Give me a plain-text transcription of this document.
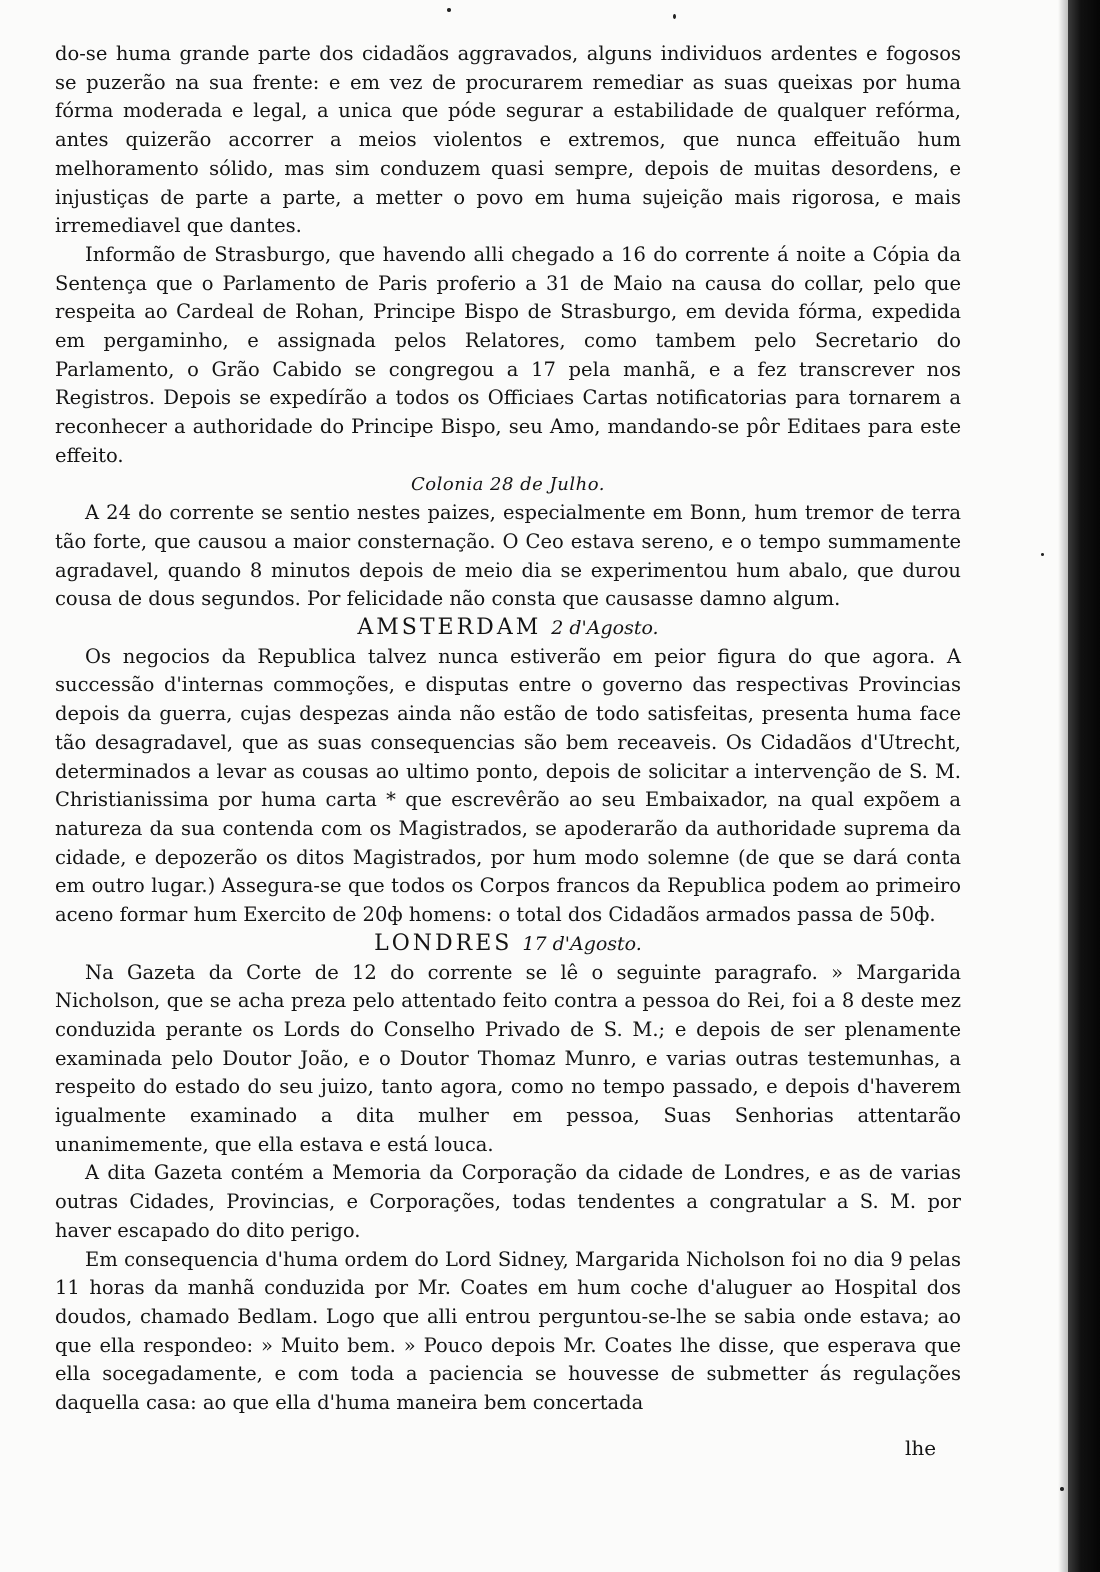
do-se huma grande parte dos cidadãos aggravados, alguns individuos ardentes e fogosos se puzerão na sua frente: e em vez de procurarem remediar as suas queixas por huma fórma moderada e legal, a unica que póde segurar a estabilidade de qualquer refórma, antes quizerão accorrer a meios violentos e extremos, que nunca effeituão hum melhoramento sólido, mas sim conduzem quasi sempre, depois de muitas desordens, e injustiças de parte a parte, a metter o povo em huma sujeição mais rigorosa, e mais irremediavel que dantes.

Informão de Strasburgo, que havendo alli chegado a 16 do corrente á noite a Cópia da Sentença que o Parlamento de Paris proferio a 31 de Maio na causa do collar, pelo que respeita ao Cardeal de Rohan, Principe Bispo de Strasburgo, em devida fórma, expedida em pergaminho, e assignada pelos Relatores, como tambem pelo Secretario do Parlamento, o Grão Cabido se congregou a 17 pela manhã, e a fez transcrever nos Registros. Depois se expedírão a todos os Officiaes Cartas notificatorias para tornarem a reconhecer a authoridade do Principe Bispo, seu Amo, mandando-se pôr Editaes para este effeito.

Colonia 28 de Julho.

A 24 do corrente se sentio nestes paizes, especialmente em Bonn, hum tremor de terra tão forte, que causou a maior consternação. O Ceo estava sereno, e o tempo summamente agradavel, quando 8 minutos depois de meio dia se experimentou hum abalo, que durou cousa de dous segundos. Por felicidade não consta que causasse damno algum.

AMSTERDAM 2 d'Agosto.

Os negocios da Republica talvez nunca estiverão em peior figura do que agora. A successão d'internas commoções, e disputas entre o governo das respectivas Provincias depois da guerra, cujas despezas ainda não estão de todo satisfeitas, presenta huma face tão desagradavel, que as suas consequencias são bem receaveis. Os Cidadãos d'Utrecht, determinados a levar as cousas ao ultimo ponto, depois de solicitar a intervenção de S. M. Christianissima por huma carta * que escrevêrão ao seu Embaixador, na qual expõem a natureza da sua contenda com os Magistrados, se apoderarão da authoridade suprema da cidade, e depozerão os ditos Magistrados, por hum modo solemne (de que se dará conta em outro lugar.) Assegura-se que todos os Corpos francos da Republica podem ao primeiro aceno formar hum Exercito de 20ф homens: o total dos Cidadãos armados passa de 50ф.

LONDRES 17 d'Agosto.

Na Gazeta da Corte de 12 do corrente se lê o seguinte paragrafo. » Margarida Nicholson, que se acha preza pelo attentado feito contra a pessoa do Rei, foi a 8 deste mez conduzida perante os Lords do Conselho Privado de S. M.; e depois de ser plenamente examinada pelo Doutor João, e o Doutor Thomaz Munro, e varias outras testemunhas, a respeito do estado do seu juizo, tanto agora, como no tempo passado, e depois d'haverem igualmente examinado a dita mulher em pessoa, Suas Senhorias attentarão unanimemente, que ella estava e está louca.

A dita Gazeta contém a Memoria da Corporação da cidade de Londres, e as de varias outras Cidades, Provincias, e Corporações, todas tendentes a congratular a S. M. por haver escapado do dito perigo.

Em consequencia d'huma ordem do Lord Sidney, Margarida Nicholson foi no dia 9 pelas 11 horas da manhã conduzida por Mr. Coates em hum coche d'aluguer ao Hospital dos doudos, chamado Bedlam. Logo que alli entrou perguntou-se-lhe se sabia onde estava; ao que ella respondeo: » Muito bem. » Pouco depois Mr. Coates lhe disse, que esperava que ella socegadamente, e com toda a paciencia se houvesse de submetter ás regulações daquella casa: ao que ella d'huma maneira bem concertada

lhe
